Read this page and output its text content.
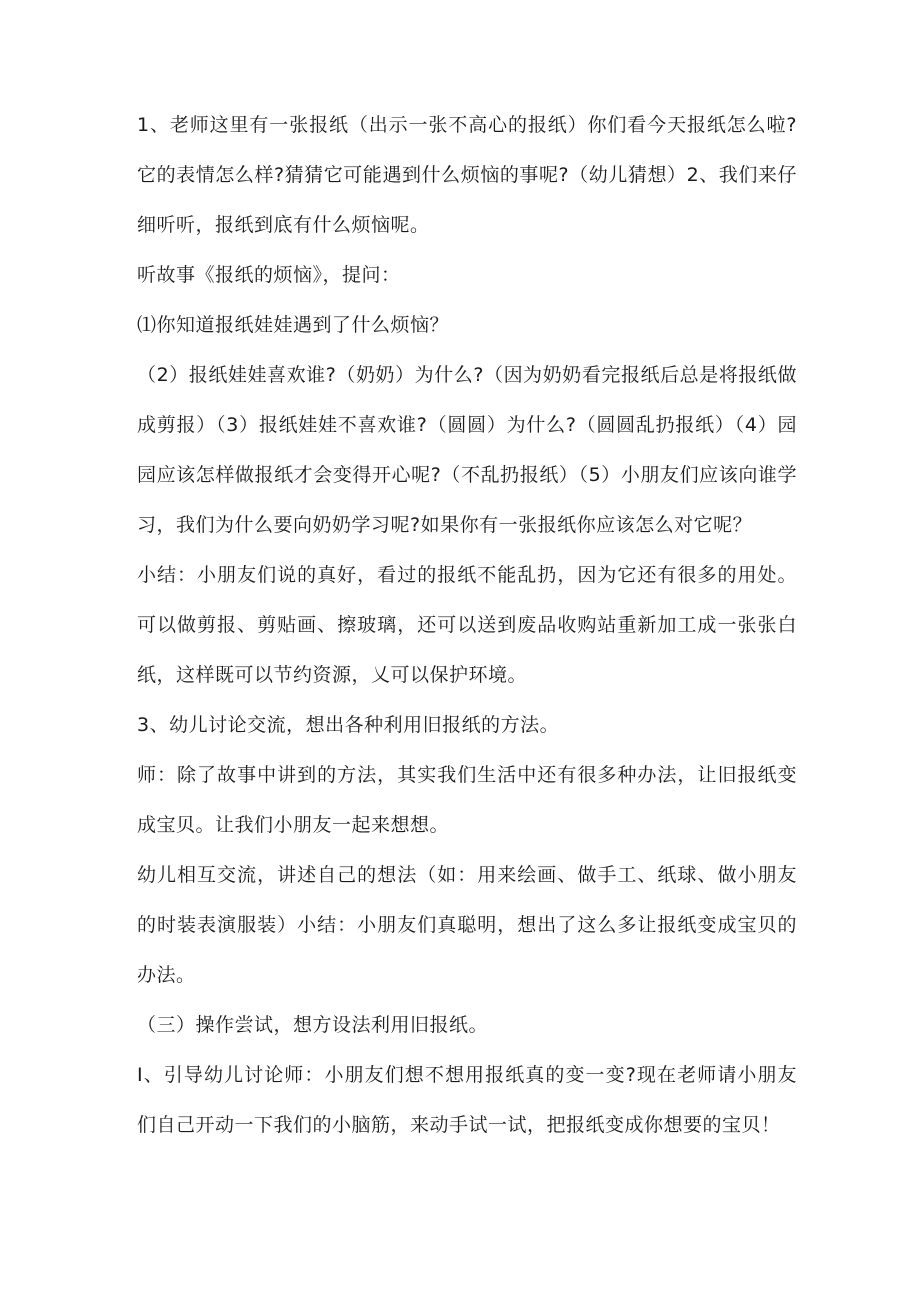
1、老师这里有一张报纸（出示一张不高心的报纸）你们看今天报纸怎么啦?它的表情怎么样?猜猜它可能遇到什么烦恼的事呢?（幼儿猜想）2、我们来仔细听听，报纸到底有什么烦恼呢。

听故事《报纸的烦恼》，提问：

⑴你知道报纸娃娃遇到了什么烦恼？

（2）报纸娃娃喜欢谁?（奶奶）为什么?（因为奶奶看完报纸后总是将报纸做成剪报）（3）报纸娃娃不喜欢谁?（圆圆）为什么?（圆圆乱扔报纸）（4）园园应该怎样做报纸才会变得开心呢?（不乱扔报纸）（5）小朋友们应该向谁学习，我们为什么要向奶奶学习呢?如果你有一张报纸你应该怎么对它呢？

小结：小朋友们说的真好，看过的报纸不能乱扔，因为它还有很多的用处。可以做剪报、剪贴画、擦玻璃，还可以送到废品收购站重新加工成一张张白纸，这样既可以节约资源，乂可以保护环境。

3、幼儿讨论交流，想出各种利用旧报纸的方法。

师：除了故事中讲到的方法，其实我们生活中还有很多种办法，让旧报纸变成宝贝。让我们小朋友一起来想想。

幼儿相互交流，讲述自己的想法（如：用来绘画、做手工、纸球、做小朋友的时装表演服装）小结：小朋友们真聪明，想出了这么多让报纸变成宝贝的办法。

（三）操作尝试，想方设法利用旧报纸。

I、引导幼儿讨论师：小朋友们想不想用报纸真的变一变?现在老师请小朋友们自己开动一下我们的小脑筋，来动手试一试，把报纸变成你想要的宝贝！
